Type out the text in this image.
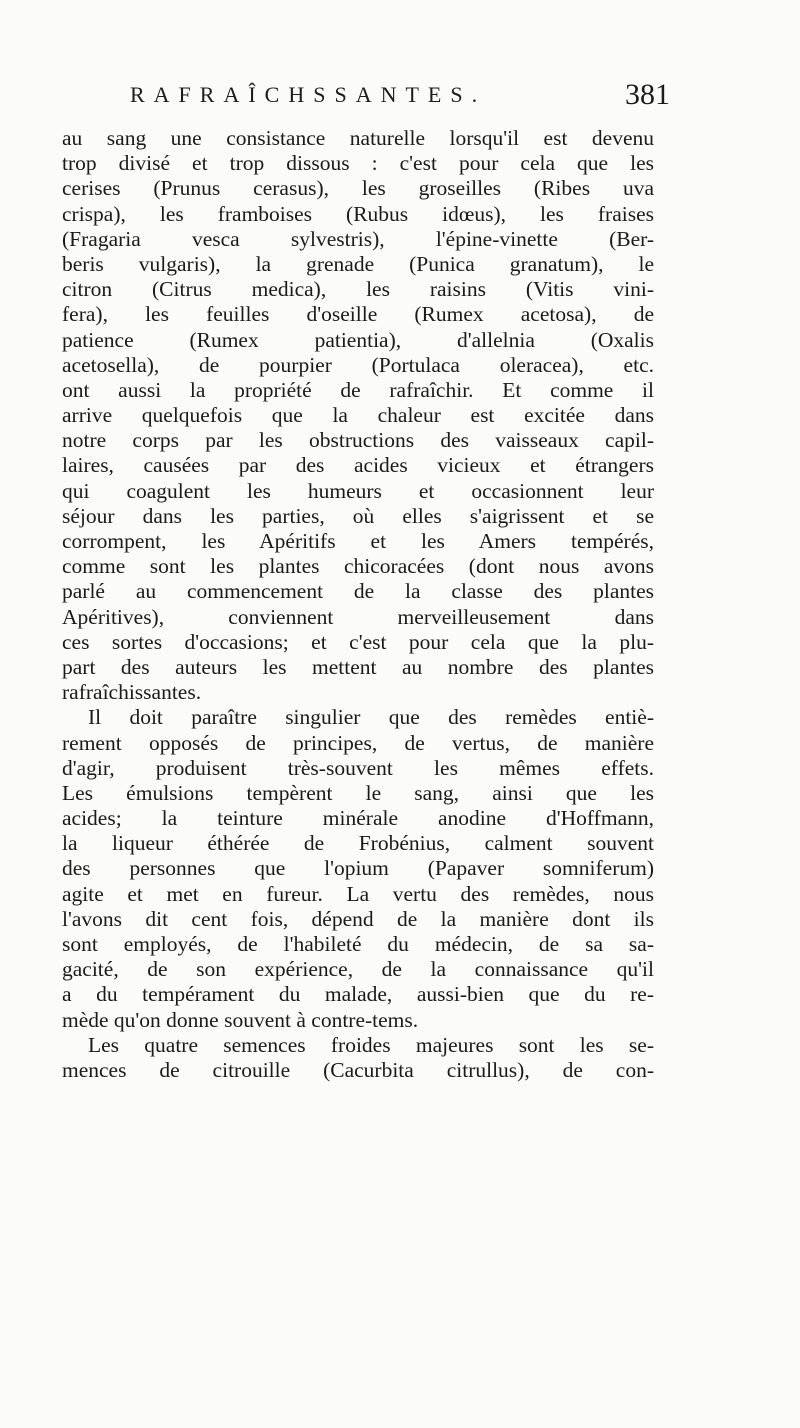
RAFRAÎCHSSANTES.	381
au sang une consistance naturelle lorsqu'il est devenu
trop divisé et trop dissous : c'est pour cela que les
cerises (Prunus cerasus), les groseilles (Ribes uva
crispa), les framboises (Rubus idœus), les fraises
(Fragaria vesca sylvestris), l'épine-vinette (Ber-
beris vulgaris), la grenade (Punica granatum), le
citron (Citrus medica), les raisins (Vitis vini-
fera), les feuilles d'oseille (Rumex acetosa), de
patience (Rumex patientia), d'allelnia (Oxalis
acetosella), de pourpier (Portulaca oleracea), etc.
ont aussi la propriété de rafraîchir. Et comme il
arrive quelquefois que la chaleur est excitée dans
notre corps par les obstructions des vaisseaux capil-
laires, causées par des acides vicieux et étrangers
qui coagulent les humeurs et occasionnent leur
séjour dans les parties, où elles s'aigrissent et se
corrompent, les Apéritifs et les Amers tempérés,
comme sont les plantes chicoracées (dont nous avons
parlé au commencement de la classe des plantes
Apéritives), conviennent merveilleusement dans
ces sortes d'occasions; et c'est pour cela que la plu-
part des auteurs les mettent au nombre des plantes
rafraîchissantes.
Il doit paraître singulier que des remèdes entiè-
rement opposés de principes, de vertus, de manière
d'agir, produisent très-souvent les mêmes effets.
Les émulsions tempèrent le sang, ainsi que les
acides; la teinture minérale anodine d'Hoffmann,
la liqueur éthérée de Frobénius, calment souvent
des personnes que l'opium (Papaver somniferum)
agite et met en fureur. La vertu des remèdes, nous
l'avons dit cent fois, dépend de la manière dont ils
sont employés, de l'habileté du médecin, de sa sa-
gacité, de son expérience, de la connaissance qu'il
a du tempérament du malade, aussi-bien que du re-
mède qu'on donne souvent à contre-tems.
Les quatre semences froides majeures sont les se-
mences de citrouille (Cacurbita citrullus), de con-
